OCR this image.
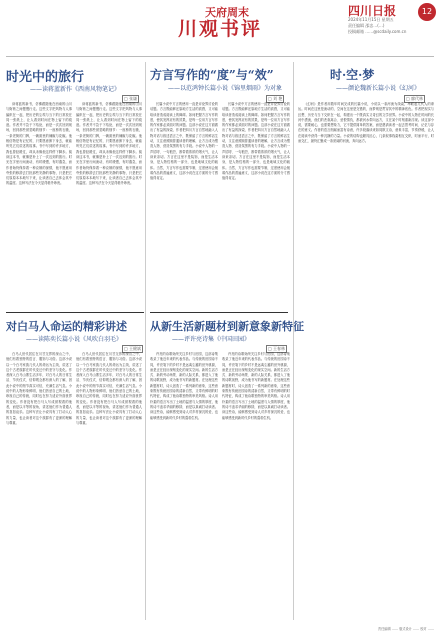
天府周末
川观书评
四川日报	12
2024年11月15日 星期五
责任编辑 邵忠…(…)
投稿邮箱 ……@scdaily.com.cn
时光中的旅行
——读蒋蓝新作《西南风物笔记》
□ 张谦

读蒋蓝的新书，仿佛跟随他在西南的山川与街巷之间慢慢行走。这些文字把风物与人事编织在一起，把历史的尘埃与当下的日常放在同一张纸上，让人看到时间在物上留下的痕迹。作者并不急于下结论，而是一次次回到现场，回到那些被忽略的细节：一座桥的石缝，一条老街的门牌，一碗面里的辣椒与花椒。他相信物是有记忆的，只要愿意俯下身去，就能听见它们讲述的故事。书中写到的许多地方，我也曾经路过，却从未像他这样停下脚步。阅读这本书，就像是补上了一次迟到的旅行。时光在字里行间流动，有时缓慢，有时湍急，而作者始终保持着一种克制的深情，他不愿意用夸张的修辞去打扰那些安静的事物，只是把它们原原本本地写下来，让读者自己去体会其中的温度。这种写法在今天显得格外珍贵。

读蒋蓝的新书，仿佛跟随他在西南的山川与街巷之间慢慢行走。这些文字把风物与人事编织在一起，把历史的尘埃与当下的日常放在同一张纸上，让人看到时间在物上留下的痕迹。作者并不急于下结论，而是一次次回到现场，回到那些被忽略的细节：一座桥的石缝，一条老街的门牌，一碗面里的辣椒与花椒。他相信物是有记忆的，只要愿意俯下身去，就能听见它们讲述的故事。书中写到的许多地方，我也曾经路过，却从未像他这样停下脚步。阅读这本书，就像是补上了一次迟到的旅行。时光在字里行间流动，有时缓慢，有时湍急，而作者始终保持着一种克制的深情，他不愿意用夸张的修辞去打扰那些安静的事物，只是把它们原原本本地写下来，让读者自己去体会其中的温度。这种写法在今天显得格外珍贵。

对白马人命运的精彩讲述
——读陈奕长篇小说《风吹白羽毛》
□ 王健斌

白马人世代居住在川甘交界的深山之中，他们有着独特的语言、服饰与习俗。这部小说以一个白马家族几代人的命运为主线，讲述了这个古老族群在时代变迁中的坚守与变化。作者深入白马山寨生活多年，对白马人的日常生活、节庆仪式、信仰观念都有深入的了解，因此小说中的细节真实可信，充满生活气息。小说中的人物形象鲜明，他们热爱自己的土地，珍视自己的传统，同时也在努力适应外面世界的变化。作者没有把白马人写成被观看的他者，而是以平等的视角，讲述他们作为普通人的喜怒哀乐。这种写法让小说具有了打动人心的力量，也让读者对这个族群有了更深的理解与尊重。

白马人世代居住在川甘交界的深山之中，他们有着独特的语言、服饰与习俗。这部小说以一个白马家族几代人的命运为主线，讲述了这个古老族群在时代变迁中的坚守与变化。作者深入白马山寨生活多年，对白马人的日常生活、节庆仪式、信仰观念都有深入的了解，因此小说中的细节真实可信，充满生活气息。小说中的人物形象鲜明，他们热爱自己的土地，珍视自己的传统，同时也在努力适应外面世界的变化。作者没有把白马人写成被观看的他者，而是以平等的视角，讲述他们作为普通人的喜怒哀乐。这种写法让小说具有了打动人心的力量，也让读者对这个族群有了更深的理解与尊重。

方言写作的“度”与“效”
——以范鸿钟长篇小说《锦里烟雨》为对象
□ 刘 艳

长篇小说中方言的使用一直是评论界讨论的话题。方言既能够还原地方生活的质感，又可能给读者造成阅读上的障碍。如何把握方言写作的度，使其发挥应有的效果，是每一位用方言写作的作家都必须面对的问题。这部小说在这方面做出了有益的探索，作者把四川方言自然地融入人物对话与叙述语言之中，既保留了方言的鲜活生动，又注意照顾普通读者的理解，让方言成为塑造人物、营造氛围的有力手段。小说中人物的一声招呼、一句抱怨，都带着浓浓的烟火气，让人读来亲切。方言在这里不是装饰，而是生活本身，是人物性格的一部分，也是地域文化的载体。当然，方言写作也需要节制，过度使用会削弱作品的普遍意义，这部小说在这方面的分寸感值得肯定。

长篇小说中方言的使用一直是评论界讨论的话题。方言既能够还原地方生活的质感，又可能给读者造成阅读上的障碍。如何把握方言写作的度，使其发挥应有的效果，是每一位用方言写作的作家都必须面对的问题。这部小说在这方面做出了有益的探索，作者把四川方言自然地融入人物对话与叙述语言之中，既保留了方言的鲜活生动，又注意照顾普通读者的理解，让方言成为塑造人物、营造氛围的有力手段。小说中人物的一声招呼、一句抱怨，都带着浓浓的烟火气，让人读来亲切。方言在这里不是装饰，而是生活本身，是人物性格的一部分，也是地域文化的载体。当然，方言写作也需要节制，过度使用会削弱作品的普遍意义，这部小说在这方面的分寸感值得肯定。

从新生活新题材到新意象新特征
——评许亮诗集《中国田园》
□ 王春林

许亮的诗歌始终关注乡村与田园，这部诗集收录了他近年来的代表作品。与传统的田园诗不同，许亮笔下的乡村不是远离尘嚣的世外桃源，而是正在经历深刻变化的现实空间。新的生活方式、新的劳动场景、新的人际关系，都进入了他的诗歌视野，成为他书写的新题材。在处理这些新题材时，诗人创造了一系列新的意象，这些意象既有传统田园诗的清新自然，又带有鲜明的时代特征，构成了他诗歌独特的审美风格。诗人用朴素的语言写出了土地的温度与人情的厚度，他的诗不追求华丽的修辞，而是以真诚打动读者。读这些诗，能够感受到诗人对乡村深沉的爱，也能够感受到新时代乡村的蓬勃生机。

许亮的诗歌始终关注乡村与田园，这部诗集收录了他近年来的代表作品。与传统的田园诗不同，许亮笔下的乡村不是远离尘嚣的世外桃源，而是正在经历深刻变化的现实空间。新的生活方式、新的劳动场景、新的人际关系，都进入了他的诗歌视野，成为他书写的新题材。在处理这些新题材时，诗人创造了一系列新的意象，这些意象既有传统田园诗的清新自然，又带有鲜明的时代特征，构成了他诗歌独特的审美风格。诗人用朴素的语言写出了土地的温度与人情的厚度，他的诗不追求华丽的修辞，而是以真诚打动读者。读这些诗，能够感受到诗人对乡村深沉的爱，也能够感受到新时代乡村的蓬勃生机。

时·空·梦
——颜论魏新长篇小说《幻河》
□ 廖代林

《幻河》是作者用数年时间完成的长篇小说，小说以一条河流为线索，串联起几代人的命运。时间在这里是流动的，空间在这里是交错的，而梦则是贯穿其中的精神底色。作者把现实与幻想、历史与当下交织在一起，构建出一个既真实又奇幻的文学世界。小说中的人物在时间的长河中漂流，他们的悲欢离合、爱恨情仇，都被河水带向远方，又在某个时刻重新浮现。读这部小说，需要耐心，也需要想象力，它不提供简单的答案，而是邀请读者一起去思考时间、记忆与存在的意义。作者的语言细腻而富有诗意，许多段落读来如同散文诗，意象丰富，节奏舒缓，让人在阅读中获得一种沉静的力量。小说的结构也颇具匠心，几条叙事线索相互交织，时而平行，时而交汇，最终汇聚成一条宽阔的河流，奔向远方。

责任编辑 …… 版式设计 …… 校对 ……
